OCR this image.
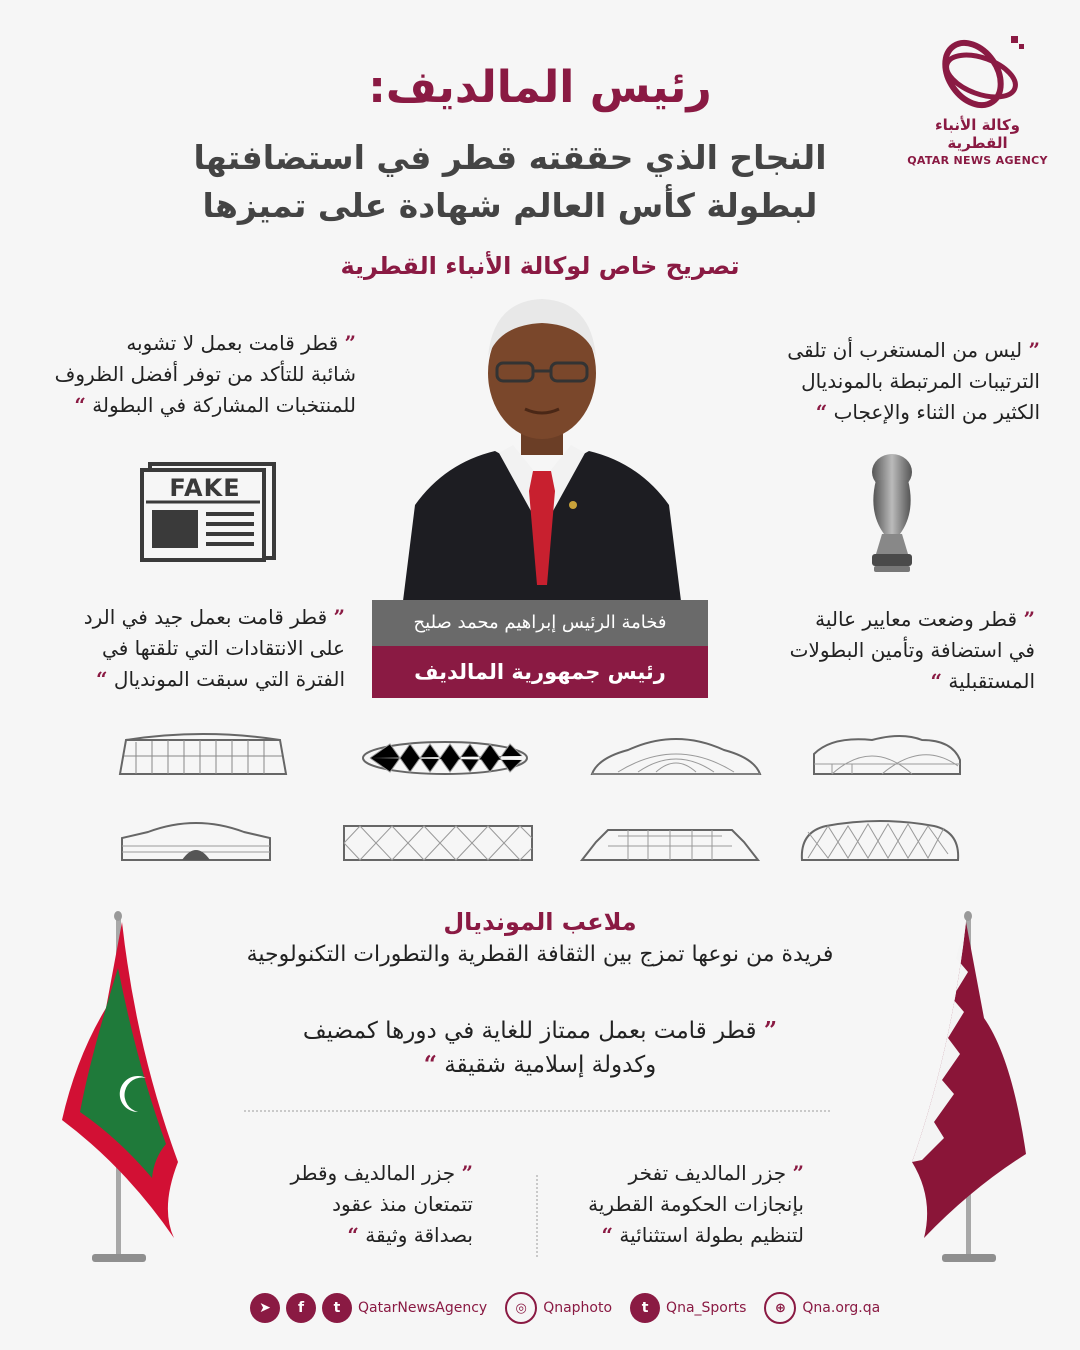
وكالة الأنباء القطرية
QATAR NEWS AGENCY
رئيس المالديف:
النجاح الذي حققته قطر في استضافتها
لبطولة كأس العالم شهادة على تميزها
تصريح خاص لوكالة الأنباء القطرية
” قطر قامت بعمل لا تشوبه
شائبة للتأكد من توفر أفضل الظروف
للمنتخبات المشاركة في البطولة “
” ليس من المستغرب أن تلقى
الترتيبات المرتبطة بالمونديال
الكثير من الثناء والإعجاب “
FAKE
فخامة الرئيس إبراهيم محمد صليح
رئيس جمهورية المالديف
” قطر قامت بعمل جيد في الرد
على الانتقادات التي تلقتها في
الفترة التي سبقت المونديال “
” قطر وضعت معايير عالية
في استضافة وتأمين البطولات
المستقبلية “
ملاعب المونديال
فريدة من نوعها تمزج بين الثقافة القطرية والتطورات التكنولوجية
” قطر قامت بعمل ممتاز للغاية في دورها كمضيف
وكدولة إسلامية شقيقة “
” جزر المالديف وقطر
تتمتعان منذ عقود
بصداقة وثيقة “
” جزر المالديف تفخر
بإنجازات الحكومة القطرية
لتنظيم بطولة استثنائية “
➤	f	t	QatarNewsAgency	◎	Qnaphoto	t	Qna_Sports	⊕	Qna.org.qa
